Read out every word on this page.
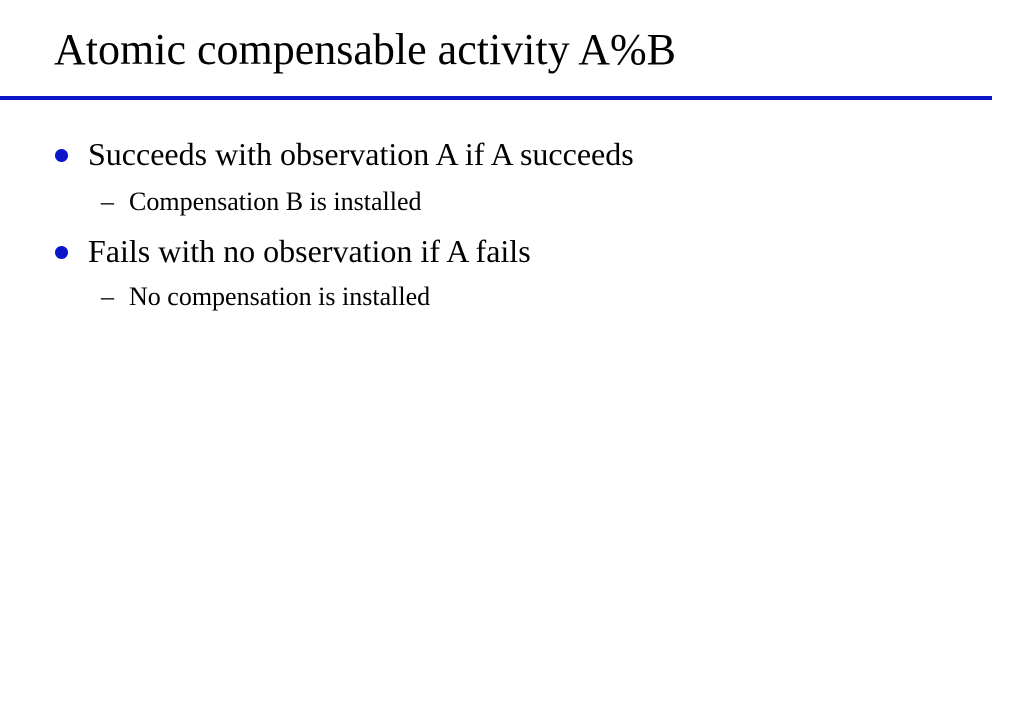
Atomic compensable activity A%B
Succeeds with observation A if A succeeds
– Compensation B is installed
Fails with no observation if A fails
– No compensation is installed
